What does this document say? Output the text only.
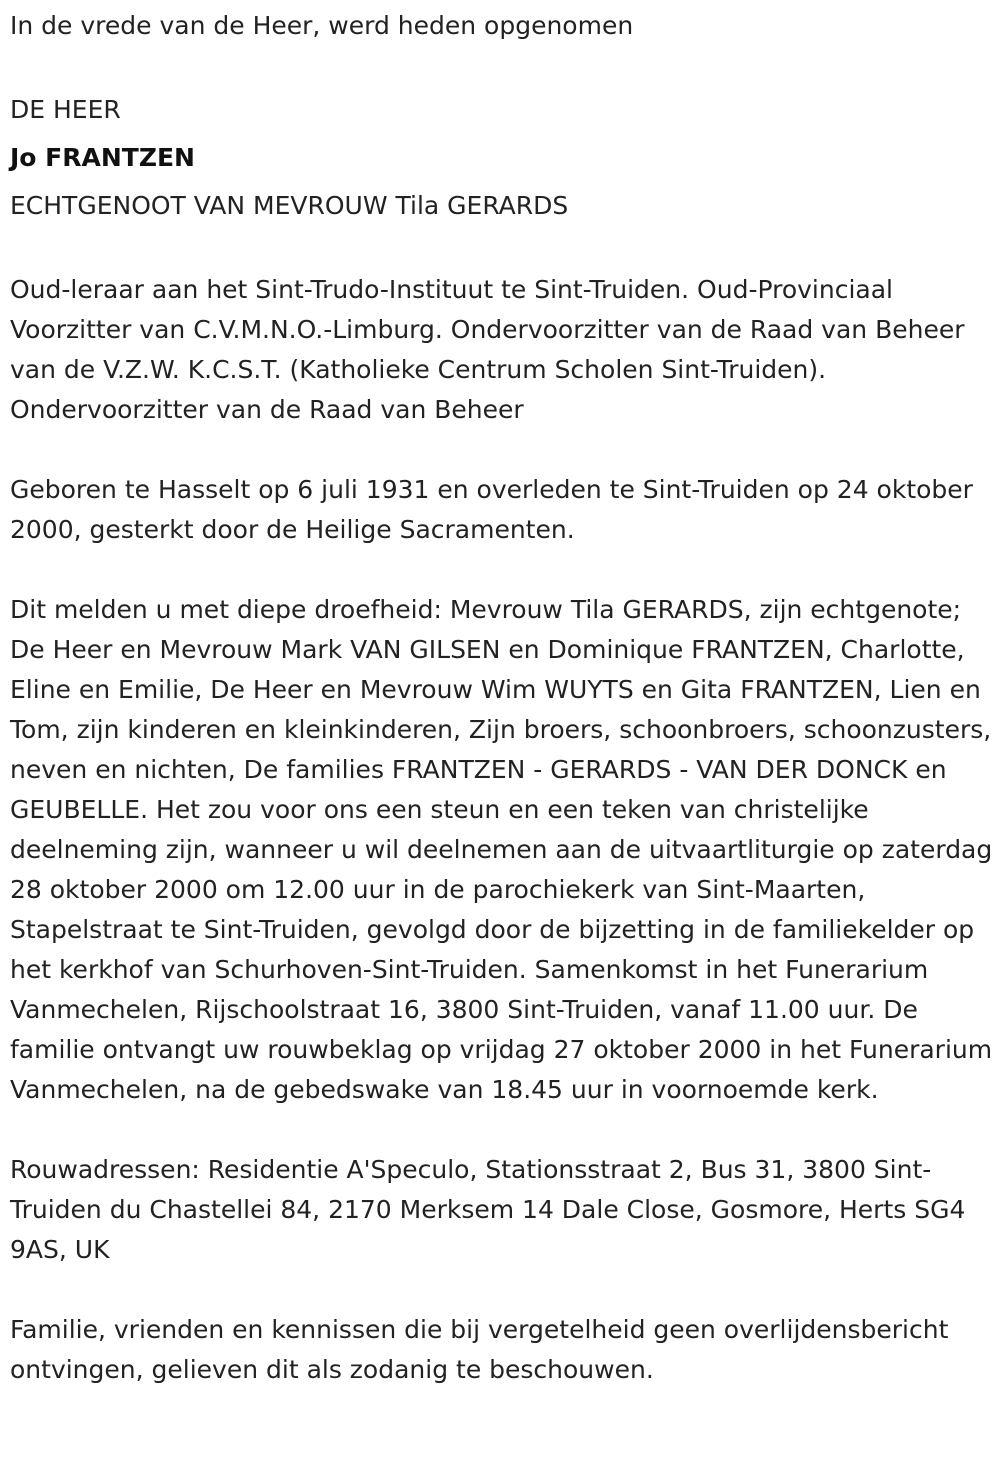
In de vrede van de Heer, werd heden opgenomen

DE HEER

Jo FRANTZEN

ECHTGENOOT VAN MEVROUW Tila GERARDS

Oud-leraar aan het Sint-Trudo-Instituut te Sint-Truiden. Oud-Provinciaal Voorzitter van C.V.M.N.O.-Limburg. Ondervoorzitter van de Raad van Beheer van de V.Z.W. K.C.S.T. (Katholieke Centrum Scholen Sint-Truiden). Ondervoorzitter van de Raad van Beheer

Geboren te Hasselt op 6 juli 1931 en overleden te Sint-Truiden op 24 oktober 2000, gesterkt door de Heilige Sacramenten.

Dit melden u met diepe droefheid: Mevrouw Tila GERARDS, zijn echtgenote; De Heer en Mevrouw Mark VAN GILSEN en Dominique FRANTZEN, Charlotte, Eline en Emilie, De Heer en Mevrouw Wim WUYTS en Gita FRANTZEN, Lien en Tom, zijn kinderen en kleinkinderen, Zijn broers, schoonbroers, schoonzusters, neven en nichten, De families FRANTZEN - GERARDS - VAN DER DONCK en GEUBELLE. Het zou voor ons een steun en een teken van christelijke deelneming zijn, wanneer u wil deelnemen aan de uitvaartliturgie op zaterdag 28 oktober 2000 om 12.00 uur in de parochiekerk van Sint-Maarten, Stapelstraat te Sint-Truiden, gevolgd door de bijzetting in de familiekelder op het kerkhof van Schurhoven-Sint-Truiden. Samenkomst in het Funerarium Vanmechelen, Rijschoolstraat 16, 3800 Sint-Truiden, vanaf 11.00 uur. De familie ontvangt uw rouwbeklag op vrijdag 27 oktober 2000 in het Funerarium Vanmechelen, na de gebedswake van 18.45 uur in voornoemde kerk.

Rouwadressen: Residentie A'Speculo, Stationsstraat 2, Bus 31, 3800 Sint-Truiden du Chastellei 84, 2170 Merksem 14 Dale Close, Gosmore, Herts SG4 9AS, UK

Familie, vrienden en kennissen die bij vergetelheid geen overlijdensbericht ontvingen, gelieven dit als zodanig te beschouwen.
